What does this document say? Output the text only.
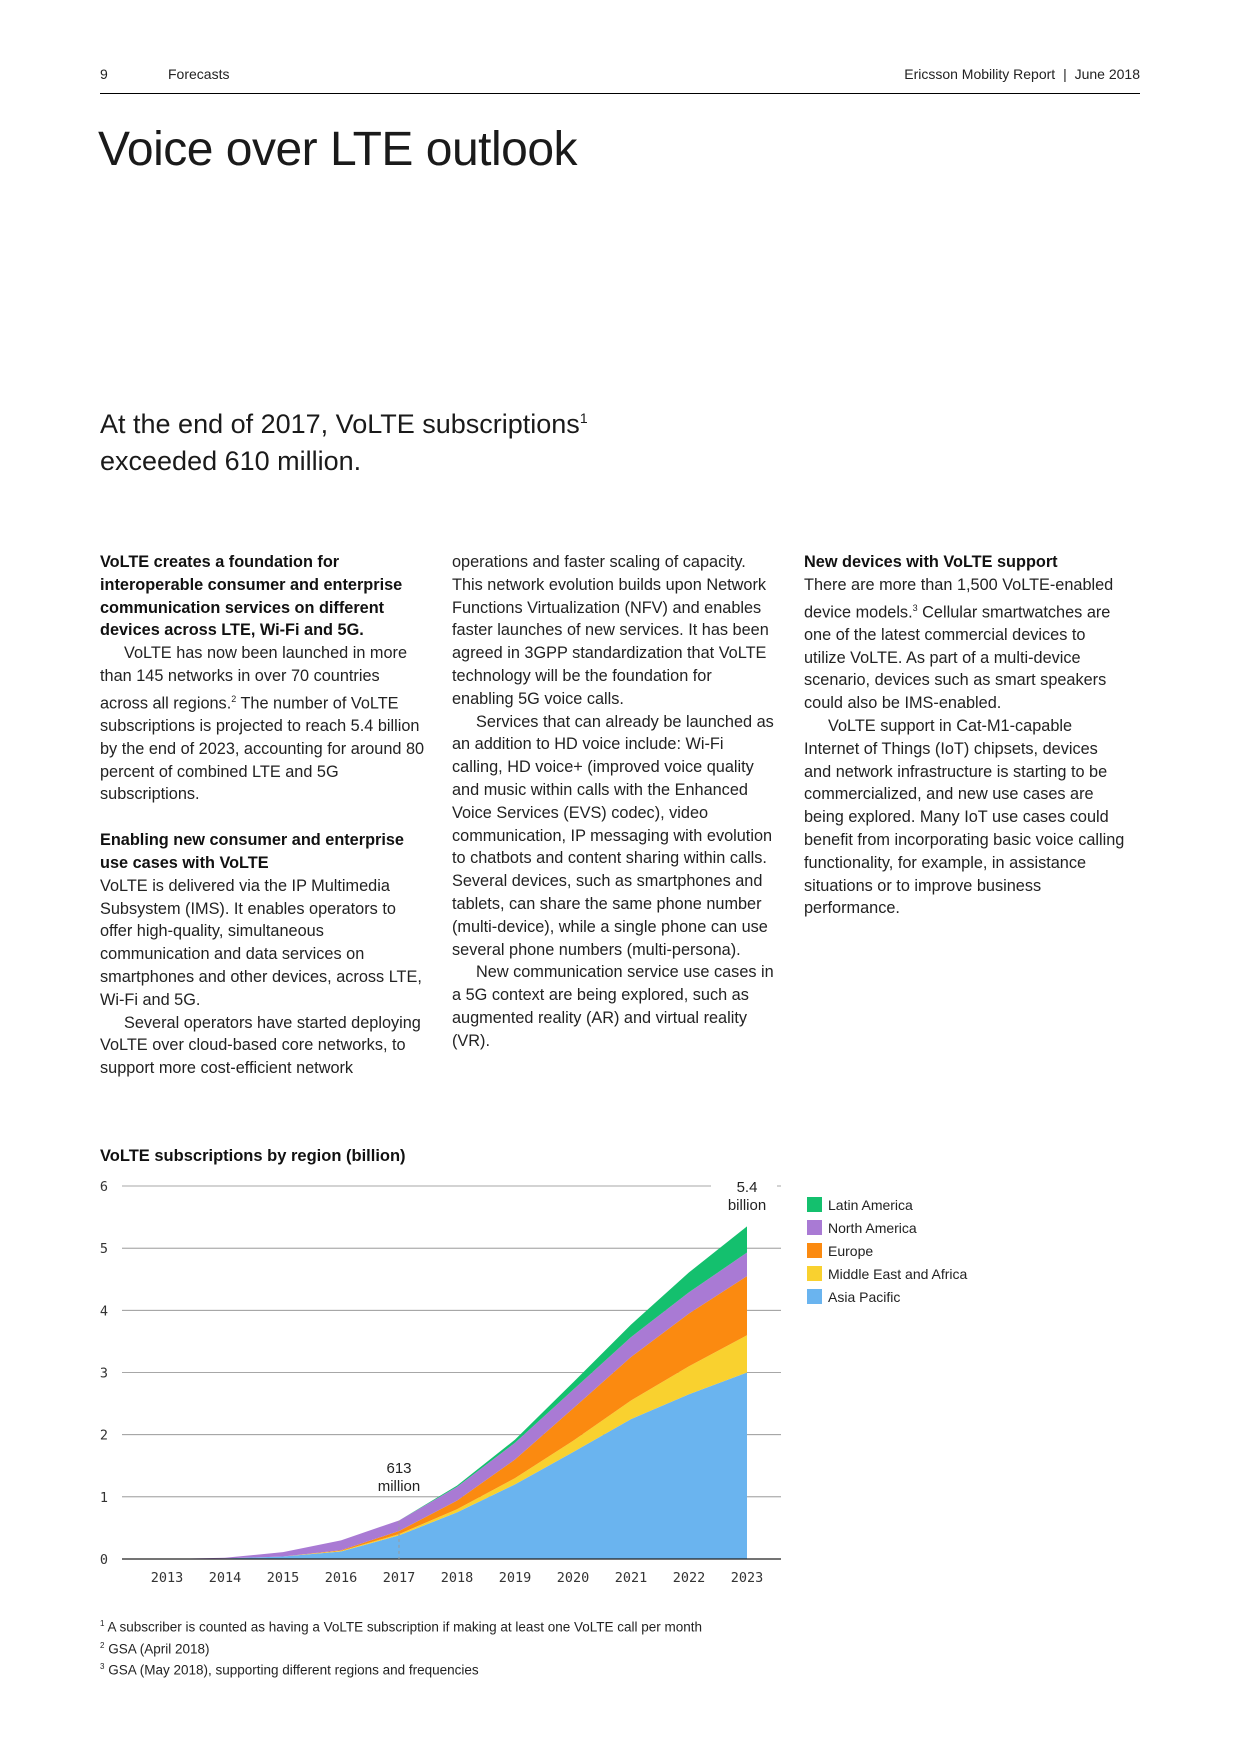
9	Forecasts	Ericsson Mobility Report | June 2018
Voice over LTE outlook

At the end of 2017, VoLTE subscriptions$^1$
exceeded 610 million.

VoLTE creates a foundation for interoperable consumer and enterprise communication services on different devices across LTE, Wi-Fi and 5G.

VoLTE has now been launched in more than 145 networks in over 70 countries across all regions.$^2$ The number of VoLTE subscriptions is projected to reach 5.4 billion by the end of 2023, accounting for around 80 percent of combined LTE and 5G subscriptions.

Enabling new consumer and enterprise use cases with VoLTE

VoLTE is delivered via the IP Multimedia Subsystem (IMS). It enables operators to offer high-quality, simultaneous communication and data services on smartphones and other devices, across LTE, Wi-Fi and 5G.

Several operators have started deploying VoLTE over cloud-based core networks, to support more cost-efficient network

operations and faster scaling of capacity. This network evolution builds upon Network Functions Virtualization (NFV) and enables faster launches of new services. It has been agreed in 3GPP standardization that VoLTE technology will be the foundation for enabling 5G voice calls.

Services that can already be launched as an addition to HD voice include: Wi-Fi calling, HD voice+ (improved voice quality and music within calls with the Enhanced Voice Services (EVS) codec), video communication, IP messaging with evolution to chatbots and content sharing within calls. Several devices, such as smartphones and tablets, can share the same phone number (multi-device), while a single phone can use several phone numbers (multi-persona).

New communication service use cases in a 5G context are being explored, such as augmented reality (AR) and virtual reality (VR).

New devices with VoLTE support

There are more than 1,500 VoLTE-enabled device models.$^3$ Cellular smartwatches are one of the latest commercial devices to utilize VoLTE. As part of a multi-device scenario, devices such as smart speakers could also be IMS-enabled.

VoLTE support in Cat-M1-capable Internet of Things (IoT) chipsets, devices and network infrastructure is starting to be commercialized, and new use cases are being explored. Many IoT use cases could benefit from incorporating basic voice calling functionality, for example, in assistance situations or to improve business performance.

VoLTE subscriptions by region (billion)
0
1
2
3
4
5
6
2013 2014 2015 2016 2017 2018 2019 2020 2021 2022 2023
613
million
5.4
billion	Latin America
North America
Europe
Middle East and Africa
Asia Pacific
$^1$ A subscriber is counted as having a VoLTE subscription if making at least one VoLTE call per month
$^2$ GSA (April 2018)
$^3$ GSA (May 2018), supporting different regions and frequencies
